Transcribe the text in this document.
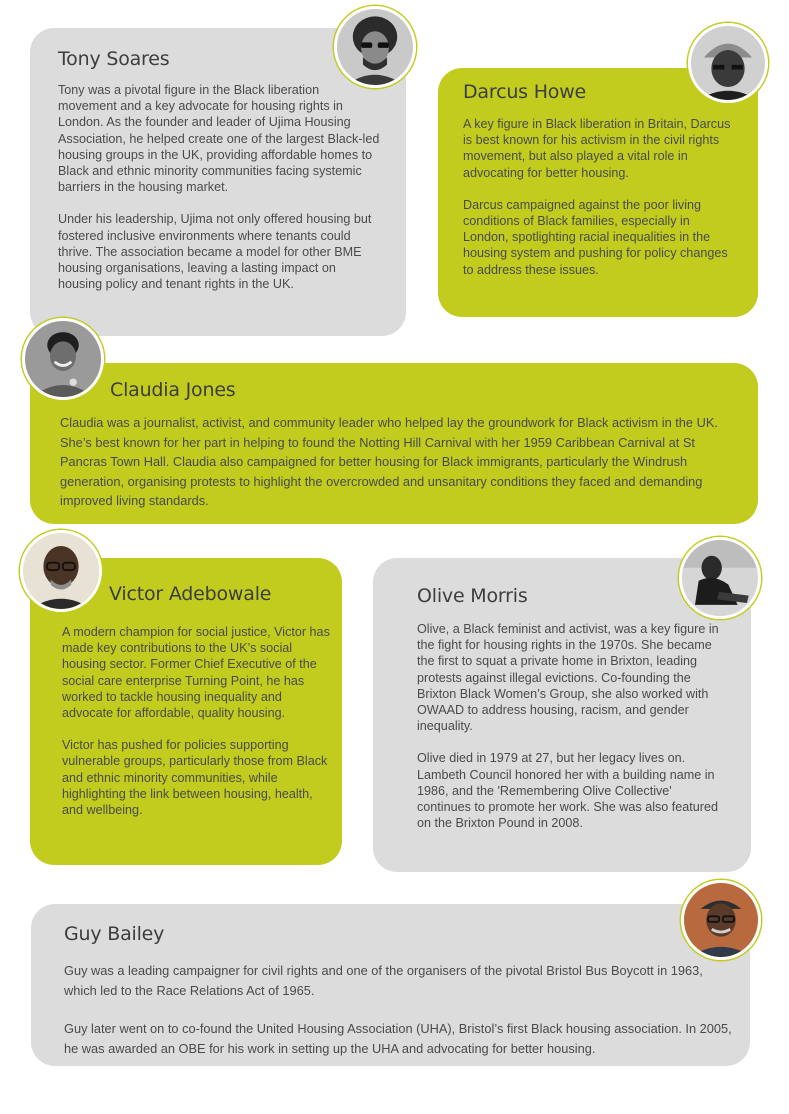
Tony Soares

Tony was a pivotal figure in the Black liberation movement and a key advocate for housing rights in London. As the founder and leader of Ujima Housing Association, he helped create one of the largest Black-led housing groups in the UK, providing affordable homes to Black and ethnic minority communities facing systemic barriers in the housing market.

Under his leadership, Ujima not only offered housing but fostered inclusive environments where tenants could thrive. The association became a model for other BME housing organisations, leaving a lasting impact on housing policy and tenant rights in the UK.

Darcus Howe

A key figure in Black liberation in Britain, Darcus is best known for his activism in the civil rights movement, but also played a vital role in advocating for better housing.

Darcus campaigned against the poor living conditions of Black families, especially in London, spotlighting racial inequalities in the housing system and pushing for policy changes to address these issues.

Claudia Jones

Claudia was a journalist, activist, and community leader who helped lay the groundwork for Black activism in the UK. She’s best known for her part in helping to found the Notting Hill Carnival with her 1959 Caribbean Carnival at St Pancras Town Hall. Claudia also campaigned for better housing for Black immigrants, particularly the Windrush generation, organising protests to highlight the overcrowded and unsanitary conditions they faced and demanding improved living standards.

Victor Adebowale

A modern champion for social justice, Victor has made key contributions to the UK’s social housing sector. Former Chief Executive of the social care enterprise Turning Point, he has worked to tackle housing inequality and advocate for affordable, quality housing.

Victor has pushed for policies supporting vulnerable groups, particularly those from Black and ethnic minority communities, while highlighting the link between housing, health, and wellbeing.

Olive Morris

Olive, a Black feminist and activist, was a key figure in the fight for housing rights in the 1970s. She became the first to squat a private home in Brixton, leading protests against illegal evictions. Co-founding the Brixton Black Women’s Group, she also worked with OWAAD to address housing, racism, and gender inequality.

Olive died in 1979 at 27, but her legacy lives on. Lambeth Council honored her with a building name in 1986, and the 'Remembering Olive Collective' continues to promote her work. She was also featured on the Brixton Pound in 2008.

Guy Bailey

Guy was a leading campaigner for civil rights and one of the organisers of the pivotal Bristol Bus Boycott in 1963, which led to the Race Relations Act of 1965.

Guy later went on to co-found the United Housing Association (UHA), Bristol’s first Black housing association. In 2005, he was awarded an OBE for his work in setting up the UHA and advocating for better housing.
